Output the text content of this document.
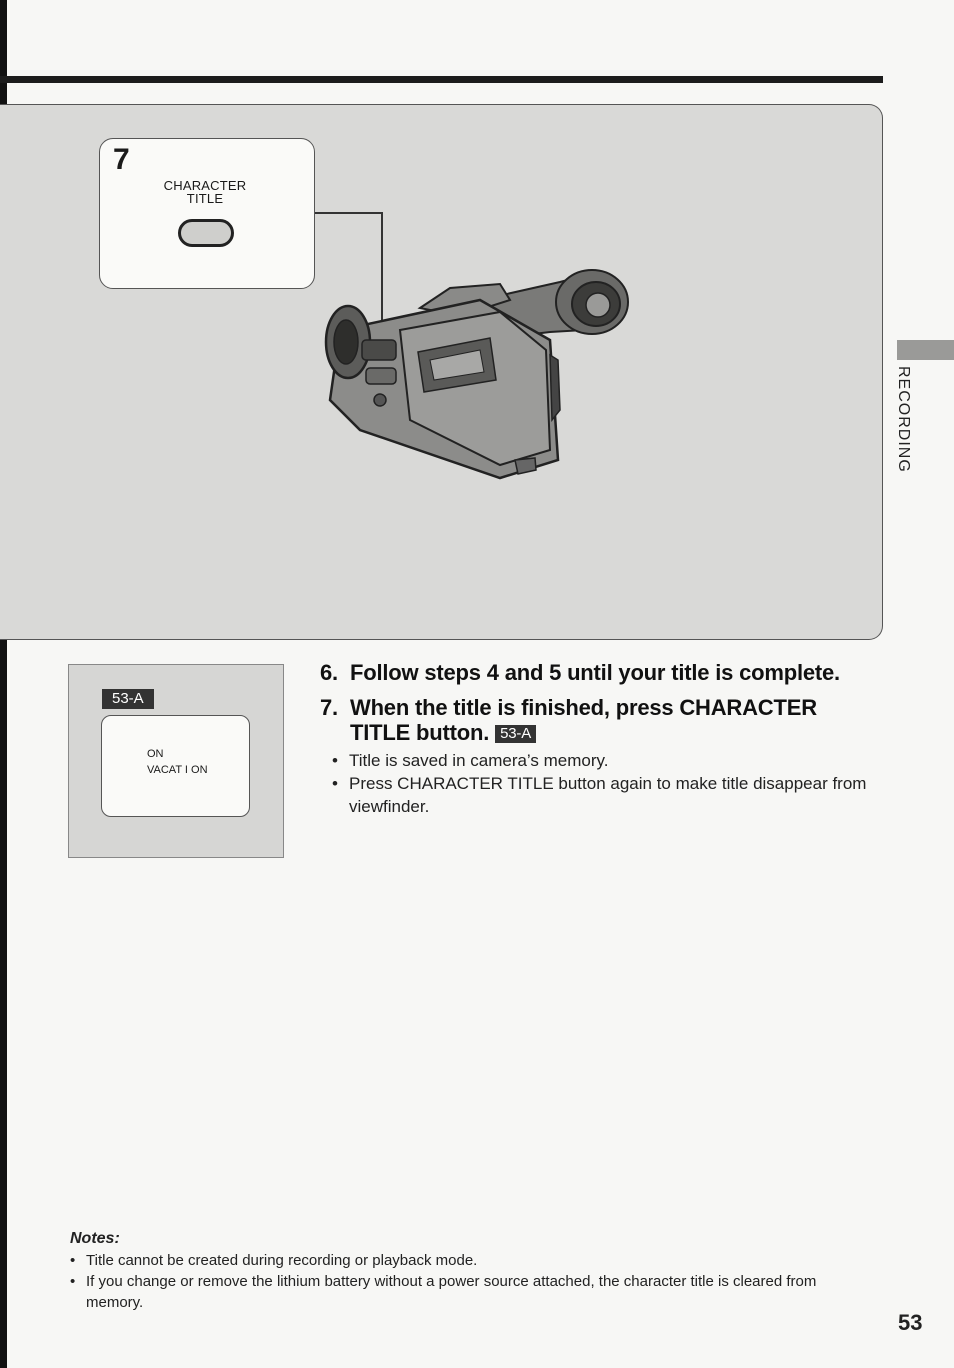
7
CHARACTER
TITLE
RECORDING
53-A
ON
VACAT I ON
6. Follow steps 4 and 5 until your title is complete.
7. When the title is finished, press CHARACTER
TITLE button. 53-A
• Title is saved in camera’s memory.
• Press CHARACTER TITLE button again to make title disappear from viewfinder.
Notes:
• Title cannot be created during recording or playback mode.
• If you change or remove the lithium battery without a power source attached, the character title is cleared from memory.
53
